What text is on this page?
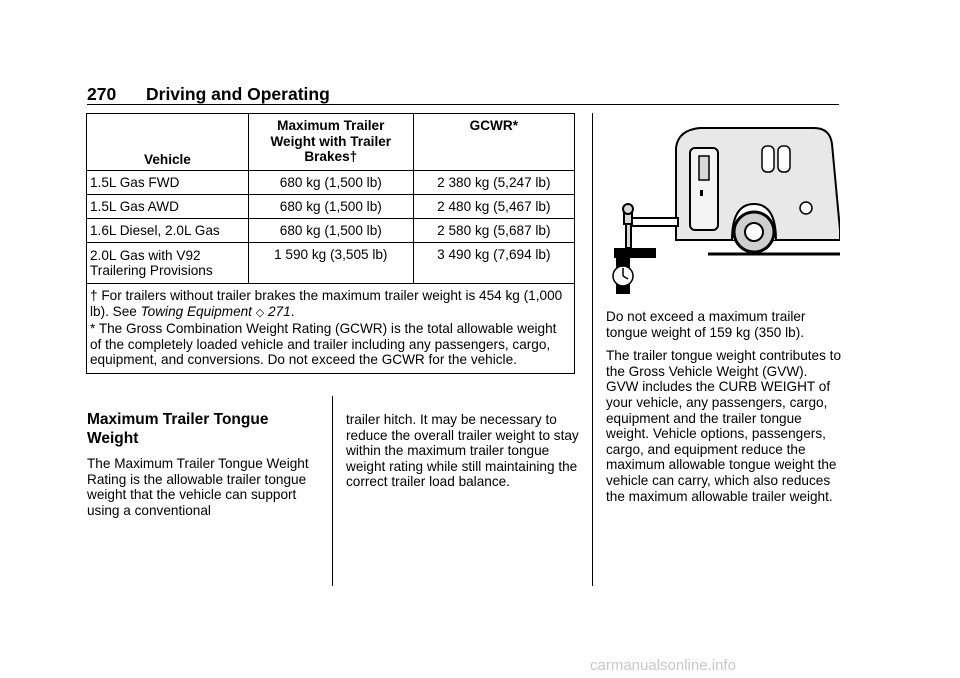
270 Driving and Operating
Vehicle	Maximum Trailer Weight with Trailer Brakes†	GCWR*
1.5L Gas FWD	680 kg (1,500 lb)	2 380 kg (5,247 lb)
1.5L Gas AWD	680 kg (1,500 lb)	2 480 kg (5,467 lb)
1.6L Diesel, 2.0L Gas	680 kg (1,500 lb)	2 580 kg (5,687 lb)

2.0L Gas with V92 Trailering Provisions	1 590 kg (3,505 lb)	3 490 kg (7,694 lb)

† For trailers without trailer brakes the maximum trailer weight is 454 kg (1,000 lb). See Towing Equipment ◇ 271.

* The Gross Combination Weight Rating (GCWR) is the total allowable weight of the completely loaded vehicle and trailer including any passengers, cargo, equipment, and conversions. Do not exceed the GCWR for the vehicle.		

Maximum Trailer Tongue Weight
The Maximum Trailer Tongue Weight Rating is the allowable trailer tongue weight that the vehicle can support using a conventional
trailer hitch. It may be necessary to reduce the overall trailer weight to stay within the maximum trailer tongue weight rating while still maintaining the correct trailer load balance.

Do not exceed a maximum trailer tongue weight of 159 kg (350 lb).

The trailer tongue weight contributes to the Gross Vehicle Weight (GVW). GVW includes the CURB WEIGHT of your vehicle, any passengers, cargo, equipment and the trailer tongue weight. Vehicle options, passengers, cargo, and equipment reduce the maximum allowable tongue weight the vehicle can carry, which also reduces the maximum allowable trailer weight.

carmanualsonline.info
